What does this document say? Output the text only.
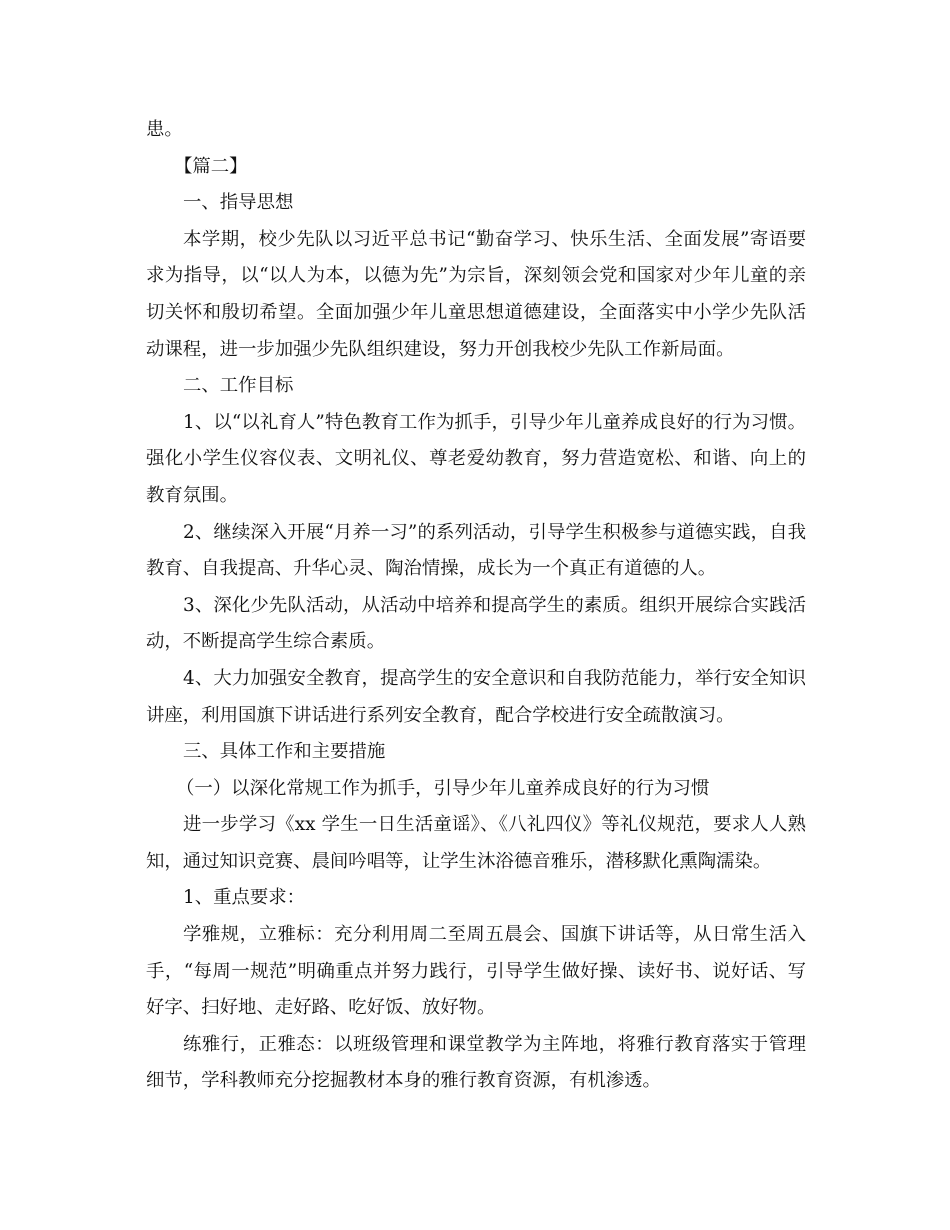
患。

【篇二】

一、指导思想

本学期，校少先队以习近平总书记“勤奋学习、快乐生活、全面发展”寄语要求为指导，以“以人为本，以德为先”为宗旨，深刻领会党和国家对少年儿童的亲切关怀和殷切希望。全面加强少年儿童思想道德建设，全面落实中小学少先队活动课程，进一步加强少先队组织建设，努力开创我校少先队工作新局面。

二、工作目标

1、以“以礼育人”特色教育工作为抓手，引导少年儿童养成良好的行为习惯。强化小学生仪容仪表、文明礼仪、尊老爱幼教育，努力营造宽松、和谐、向上的教育氛围。

2、继续深入开展“月养一习”的系列活动，引导学生积极参与道德实践，自我教育、自我提高、升华心灵、陶治情操，成长为一个真正有道德的人。

3、深化少先队活动，从活动中培养和提高学生的素质。组织开展综合实践活动，不断提高学生综合素质。

4、大力加强安全教育，提高学生的安全意识和自我防范能力，举行安全知识讲座，利用国旗下讲话进行系列安全教育，配合学校进行安全疏散演习。

三、具体工作和主要措施

（一）以深化常规工作为抓手，引导少年儿童养成良好的行为习惯

进一步学习《xx 学生一日生活童谣》、《八礼四仪》等礼仪规范，要求人人熟知，通过知识竞赛、晨间吟唱等，让学生沐浴德音雅乐，潜移默化熏陶濡染。

1、重点要求：

学雅规，立雅标：充分利用周二至周五晨会、国旗下讲话等，从日常生活入手，“每周一规范”明确重点并努力践行，引导学生做好操、读好书、说好话、写好字、扫好地、走好路、吃好饭、放好物。

练雅行，正雅态：以班级管理和课堂教学为主阵地，将雅行教育落实于管理细节，学科教师充分挖掘教材本身的雅行教育资源，有机渗透。
